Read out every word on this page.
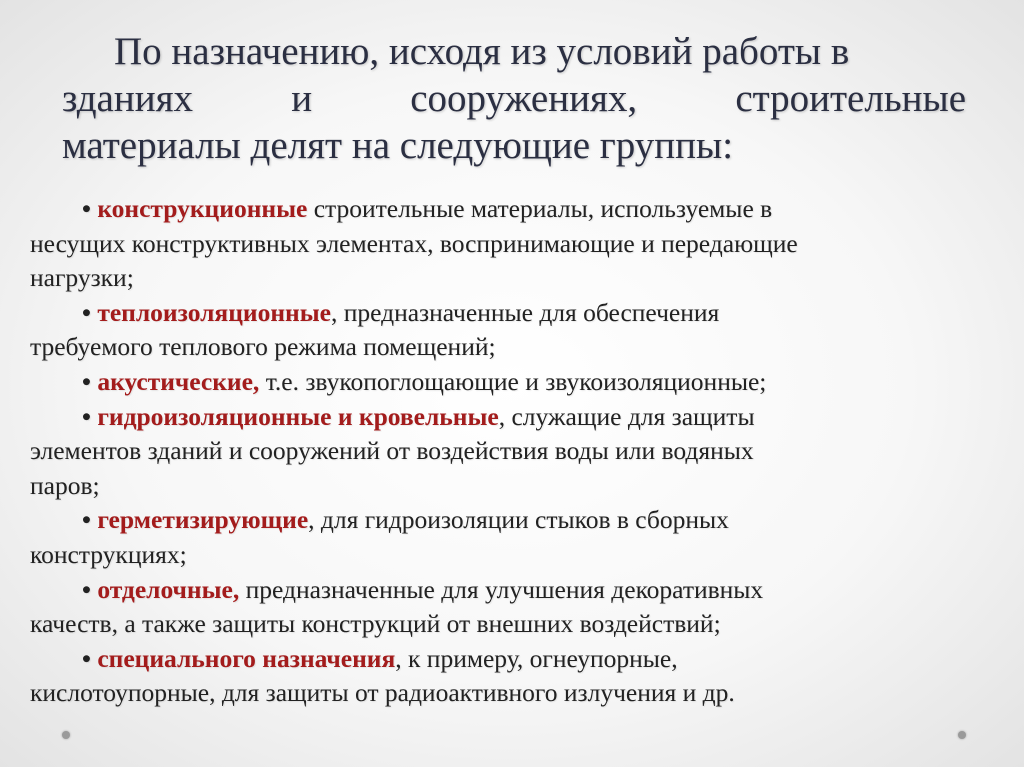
По назначению, исходя из условий работы в
зданиях	и	сооружениях,	строительные
материалы делят на следующие группы:
• конструкционные строительные материалы, используемые в
несущих конструктивных элементах, воспринимающие и передающие
нагрузки;
• теплоизоляционные, предназначенные для обеспечения
требуемого теплового режима помещений;
• акустические, т.е. звукопоглощающие и звукоизоляционные;
• гидроизоляционные и кровельные, служащие для защиты
элементов зданий и сооружений от воздействия воды или водяных
паров;
• герметизирующие, для гидроизоляции стыков в сборных
конструкциях;
• отделочные, предназначенные для улучшения декоративных
качеств, а также защиты конструкций от внешних воздействий;
• специального назначения, к примеру, огнеупорные,
кислотоупорные, для защиты от радиоактивного излучения и др.
